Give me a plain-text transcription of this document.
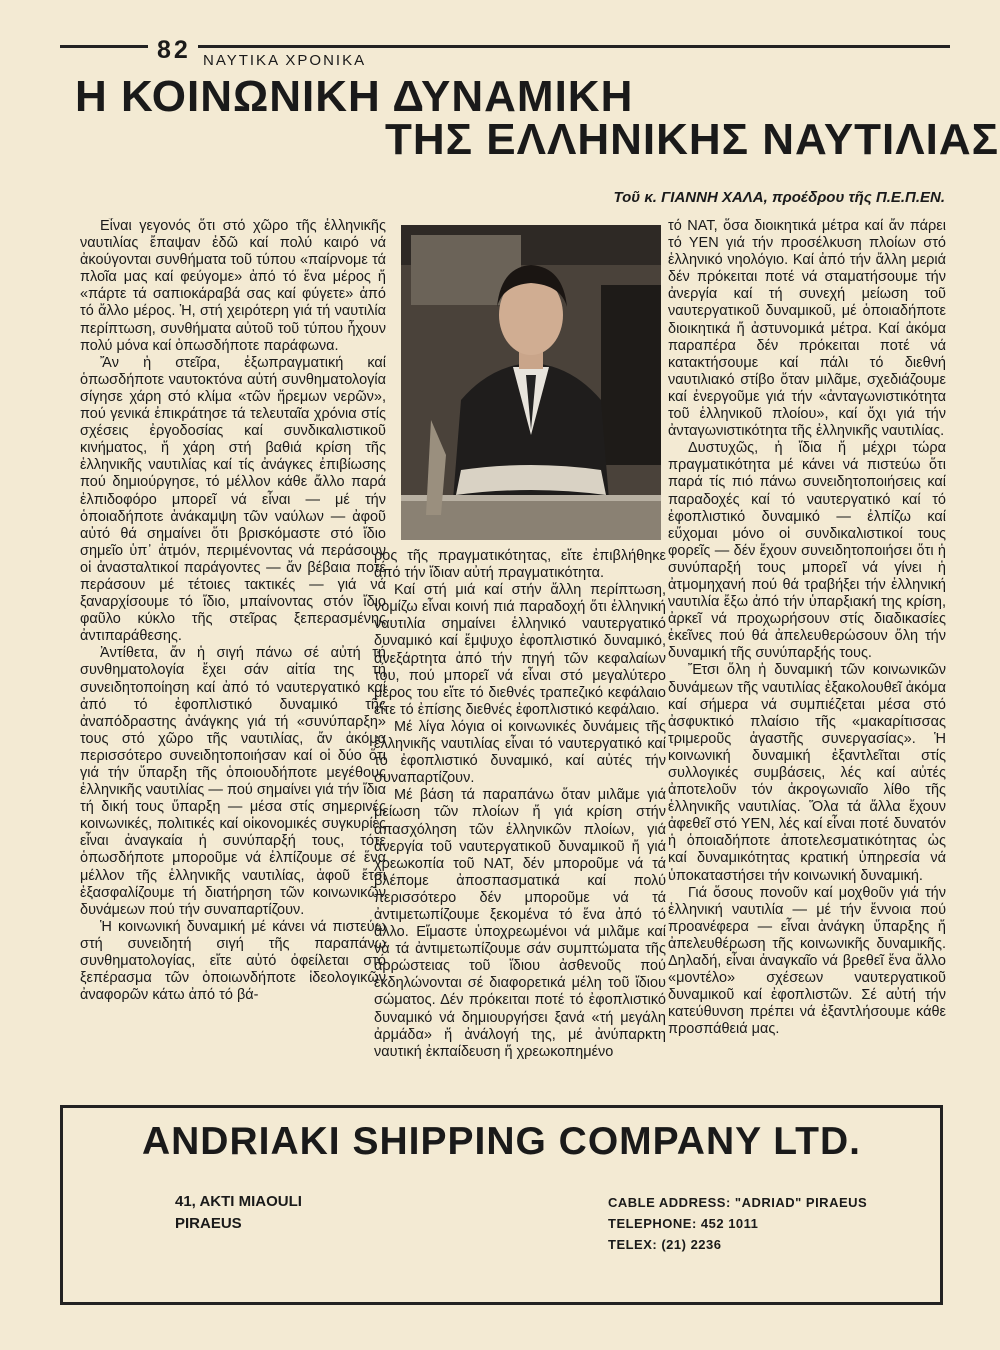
82 ΝΑΥΤΙΚΑ ΧΡΟΝΙΚΑ
Η ΚΟΙΝΩΝΙΚΗ ΔΥΝΑΜΙΚΗ
ΤΗΣ ΕΛΛΗΝΙΚΗΣ ΝΑΥΤΙΛΙΑΣ
Τοῦ κ. ΓΙΑΝΝΗ ΧΑΛΑ, προέδρου τῆς Π.Ε.Π.ΕΝ.

Εἶναι γεγονός ὅτι στό χῶρο τῆς ἑλληνικῆς ναυτιλίας ἔπαψαν ἐδῶ καί πολύ καιρό νά ἀκούγονται συνθήματα τοῦ τύπου «παίρνομε τά πλοῖα μας καί φεύγομε» ἀπό τό ἕνα μέρος ἤ «πάρτε τά σαπιοκάραβά σας καί φύγετε» ἀπό τό ἄλλο μέρος. Ἡ, στή χειρότερη γιά τή ναυτιλία περίπτωση, συνθήματα αὐτοῦ τοῦ τύπου ἦχουν πολύ μόνα καί ὁπωσδήποτε παράφωνα.

Ἄν ἡ στεῖρα, ἐξωπραγματική καί ὁπωσδήποτε ναυτοκτόνα αὐτή συνθηματολογία σίγησε χάρη στό κλίμα «τῶν ἤρεμων νερῶν», πού γενικά ἐπικράτησε τά τελευταῖα χρόνια στίς σχέσεις ἐργοδοσίας καί συνδικαλιστικοῦ κινήματος, ἤ χάρη στή βαθιά κρίση τῆς ἑλληνικῆς ναυτιλίας καί τίς ἀνάγκες ἐπιβίωσης πού δημιούργησε, τό μέλλον κάθε ἄλλο παρά ἐλπιδοφόρο μπορεῖ νά εἶναι — μέ τήν ὁποιαδήποτε ἀνάκαμψη τῶν ναύλων — ἀφοῦ αὐτό θά σημαίνει ὅτι βρισκόμαστε στό ἴδιο σημεῖο ὑπ᾽ ἀτμόν, περιμένοντας νά περάσουν οἱ ἀνασταλτικοί παράγοντες — ἄν βέβαια ποτέ περάσουν μέ τέτοιες τακτικές — γιά νά ξαναρχίσουμε τό ἴδιο, μπαίνοντας στόν ἴδιο φαῦλο κύκλο τῆς στεῖρας ξεπερασμένης ἀντιπαράθεσης.

Ἀντίθετα, ἄν ἡ σιγή πάνω σέ αὐτή τή συνθηματολογία ἔχει σάν αἰτία της τή συνειδητοποίηση καί ἀπό τό ναυτεργατικό καί ἀπό τό ἐφοπλιστικό δυναμικό τῆς ἀναπόδραστης ἀνάγκης γιά τή «συνύπαρξη» τους στό χῶρο τῆς ναυτιλίας, ἄν ἀκόμα περισσότερο συνειδητοποιήσαν καί οἱ δύο ὅτι γιά τήν ὕπαρξη τῆς ὁποιουδήποτε μεγέθους ἑλληνικῆς ναυτιλίας — πού σημαίνει γιά τήν ἴδια τή δική τους ὕπαρξη — μέσα στίς σημερινές κοινωνικές, πολιτικές καί οἰκονομικές συγκυρίες εἶναι ἀναγκαία ἡ συνύπαρξή τους, τότε ὁπωσδήποτε μποροῦμε νά ἐλπίζουμε σέ ἕνα μέλλον τῆς ἑλληνικῆς ναυτιλίας, ἀφοῦ ἔτσι ἐξασφαλίζουμε τή διατήρηση τῶν κοινωνικῶν δυνάμεων πού τήν συναπαρτίζουν.

Ἡ κοινωνική δυναμική μέ κάνει νά πιστεύω στή συνειδητή σιγή τῆς παραπάνω συνθηματολογίας, εἴτε αὐτό ὀφείλεται στό ξεπέρασμα τῶν ὁποιωνδήποτε ἰδεολογικῶν ἀναφορῶν κάτω ἀπό τό βά-

ρος τῆς πραγματικότητας, εἴτε ἐπιβλήθηκε ἀπό τήν ἴδιαν αὐτή πραγματικότητα.

Καί στή μιά καί στήν ἄλλη περίπτωση, νομίζω εἶναι κοινή πιά παραδοχή ὅτι ἑλληνική ναυτιλία σημαίνει ἑλληνικό ναυτεργατικό δυναμικό καί ἔμψυχο ἐφοπλιστικό δυναμικό, ἀνεξάρτητα ἀπό τήν πηγή τῶν κεφαλαίων του, πού μπορεῖ νά εἶναι στό μεγαλύτερο μέρος του εἴτε τό διεθνές τραπεζικό κεφάλαιο εἴτε τό ἐπίσης διεθνές ἐφοπλιστικό κεφάλαιο.

Μέ λίγα λόγια οἱ κοινωνικές δυνάμεις τῆς ἑλληνικῆς ναυτιλίας εἶναι τό ναυτεργατικό καί τό ἐφοπλιστικό δυναμικό, καί αὐτές τήν συναπαρτίζουν.

Μέ βάση τά παραπάνω ὅταν μιλᾶμε γιά μείωση τῶν πλοίων ἤ γιά κρίση στήν ἀπασχόληση τῶν ἑλληνικῶν πλοίων, γιά ἀνεργία τοῦ ναυτεργατικοῦ δυναμικοῦ ἤ γιά χρεωκοπία τοῦ ΝΑΤ, δέν μποροῦμε νά τά βλέπομε ἀποσπασματικά καί πολύ περισσότερο δέν μποροῦμε νά τά ἀντιμετωπίζουμε ξεκομένα τό ἕνα ἀπό τό ἄλλο. Εἴμαστε ὑποχρεωμένοι νά μιλᾶμε καί νά τά ἀντιμετωπίζουμε σάν συμπτώματα τῆς ἀρρώστειας τοῦ ἴδιου ἀσθενοῦς πού ἐκδηλώνονται σέ διαφορετικά μέλη τοῦ ἴδιου σώματος. Δέν πρόκειται ποτέ τό ἐφοπλιστικό δυναμικό νά δημιουργήσει ξανά «τή μεγάλη ἀρμάδα» ἤ ἀνάλογή της, μέ ἀνύπαρκτη ναυτική ἐκπαίδευση ἤ χρεωκοπημένο

τό ΝΑΤ, ὅσα διοικητικά μέτρα καί ἄν πάρει τό ΥΕΝ γιά τήν προσέλκυση πλοίων στό ἑλληνικό νηολόγιο. Καί ἀπό τήν ἄλλη μεριά δέν πρόκειται ποτέ νά σταματήσουμε τήν ἀνεργία καί τή συνεχή μείωση τοῦ ναυτεργατικοῦ δυναμικοῦ, μέ ὁποιαδήποτε διοικητικά ἤ ἀστυνομικά μέτρα. Καί ἀκόμα παραπέρα δέν πρόκειται ποτέ νά κατακτήσουμε καί πάλι τό διεθνή ναυτιλιακό στίβο ὅταν μιλᾶμε, σχεδιάζουμε καί ἐνεργοῦμε γιά τήν «ἀνταγωνιστικότητα τοῦ ἑλληνικοῦ πλοίου», καί ὄχι γιά τήν ἀνταγωνιστικότητα τῆς ἑλληνικῆς ναυτιλίας.

Δυστυχῶς, ἡ ἴδια ἤ μέχρι τώρα πραγματικότητα μέ κάνει νά πιστεύω ὅτι παρά τίς πιό πάνω συνειδητοποιήσεις καί παραδοχές καί τό ναυτεργατικό καί τό ἐφοπλιστικό δυναμικό — ἐλπίζω καί εὔχομαι μόνο οἱ συνδικαλιστικοί τους φορεῖς — δέν ἔχουν συνειδητοποιήσει ὅτι ἡ συνύπαρξή τους μπορεῖ νά γίνει ἡ ἀτμομηχανή πού θά τραβήξει τήν ἑλληνική ναυτιλία ἔξω ἀπό τήν ὑπαρξιακή της κρίση, ἀρκεῖ νά προχωρήσουν στίς διαδικασίες ἐκεῖνες πού θά ἀπελευθερώσουν ὅλη τήν δυναμική τῆς συνύπαρξής τους.

Ἔτσι ὅλη ἡ δυναμική τῶν κοινωνικῶν δυνάμεων τῆς ναυτιλίας ἐξακολουθεῖ ἀκόμα καί σήμερα νά συμπιέζεται μέσα στό ἀσφυκτικό πλαίσιο τῆς «μακαρίτισσας τριμεροῦς ἀγαστῆς συνεργασίας». Ἡ κοινωνική δυναμική ἐξαντλεῖται στίς συλλογικές συμβάσεις, λές καί αὐτές ἀποτελοῦν τόν ἀκρογωνιαῖο λίθο τῆς ἑλληνικῆς ναυτιλίας. Ὅλα τά ἄλλα ἔχουν ἀφεθεῖ στό ΥΕΝ, λές καί εἶναι ποτέ δυνατόν ἡ ὁποιαδήποτε ἀποτελεσματικότητας ὡς καί δυναμικότητας κρατική ὑπηρεσία νά ὑποκαταστήσει τήν κοινωνική δυναμική.

Γιά ὅσους πονοῦν καί μοχθοῦν γιά τήν ἑλληνική ναυτιλία — μέ τήν ἔννοια πού προανέφερα — εἶναι ἀνάγκη ὕπαρξης ἤ ἀπελευθέρωση τῆς κοινωνικῆς δυναμικῆς. Δηλαδή, εἶναι ἀναγκαῖο νά βρεθεῖ ἕνα ἄλλο «μοντέλο» σχέσεων ναυτεργατικοῦ δυναμικοῦ καί ἐφοπλιστῶν. Σέ αὐτή τήν κατεύθυνση πρέπει νά ἐξαντλήσουμε κάθε προσπάθειά μας.

ANDRIAKI SHIPPING COMPANY LTD.
41, AKTI MIAOULI
PIRAEUS
CABLE ADDRESS: "ADRIAD" PIRAEUS
TELEPHONE: 452 1011
TELEX: (21) 2236
